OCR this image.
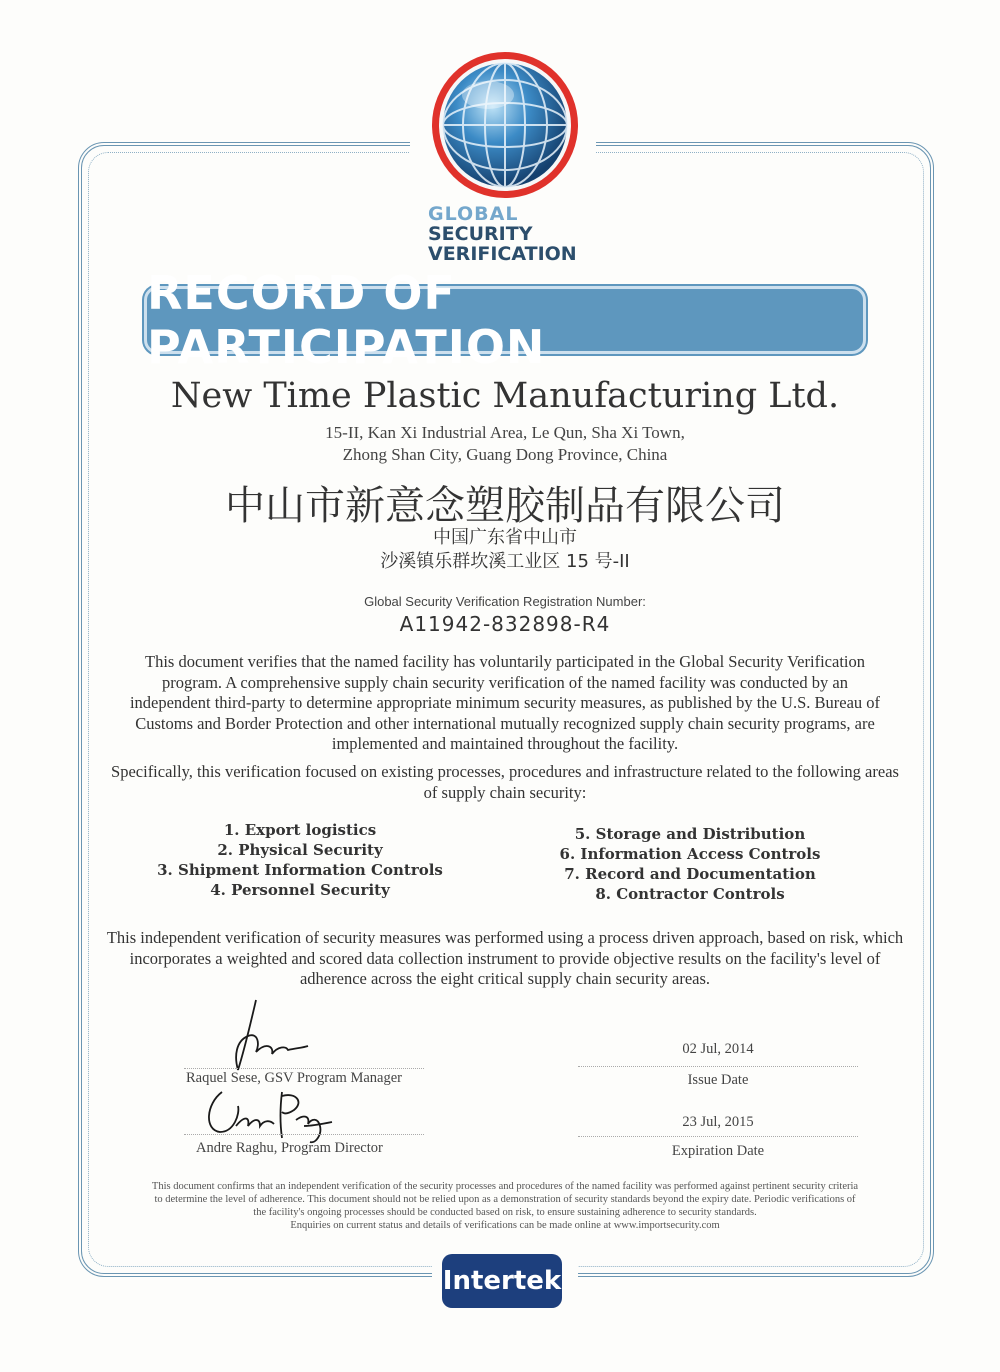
GLOBAL
SECURITY
VERIFICATION
RECORD OF PARTICIPATION
New Time Plastic Manufacturing Ltd.
15-II, Kan Xi Industrial Area, Le Qun, Sha Xi Town,
Zhong Shan City, Guang Dong Province, China
中山市新意念塑胶制品有限公司
中国广东省中山市
沙溪镇乐群坎溪工业区 15 号-II
Global Security Verification Registration Number:
A11942-832898-R4
This document verifies that the named facility has voluntarily participated in the Global Security Verification program. A comprehensive supply chain security verification of the named facility was conducted by an independent third-party to determine appropriate minimum security measures, as published by the U.S. Bureau of Customs and Border Protection and other international mutually recognized supply chain security programs, are implemented and maintained throughout the facility.
Specifically, this verification focused on existing processes, procedures and infrastructure related to the following areas of supply chain security:
1. Export logistics
2. Physical Security
3. Shipment Information Controls
4. Personnel Security
5. Storage and Distribution
6. Information Access Controls
7. Record and Documentation
8. Contractor Controls
This independent verification of security measures was performed using a process driven approach, based on risk, which incorporates a weighted and scored data collection instrument to provide objective results on the facility's level of adherence across the eight critical supply chain security areas.
Raquel Sese, GSV Program Manager
Andre Raghu, Program Director
02 Jul, 2014
Issue Date
23 Jul, 2015
Expiration Date
This document confirms that an independent verification of the security processes and procedures of the named facility was performed against pertinent security criteria
to determine the level of adherence. This document should not be relied upon as a demonstration of security standards beyond the expiry date. Periodic verifications of
the facility's ongoing processes should be conducted based on risk, to ensure sustaining adherence to security standards.
Enquiries on current status and details of verifications can be made online at www.importsecurity.com
Intertek
